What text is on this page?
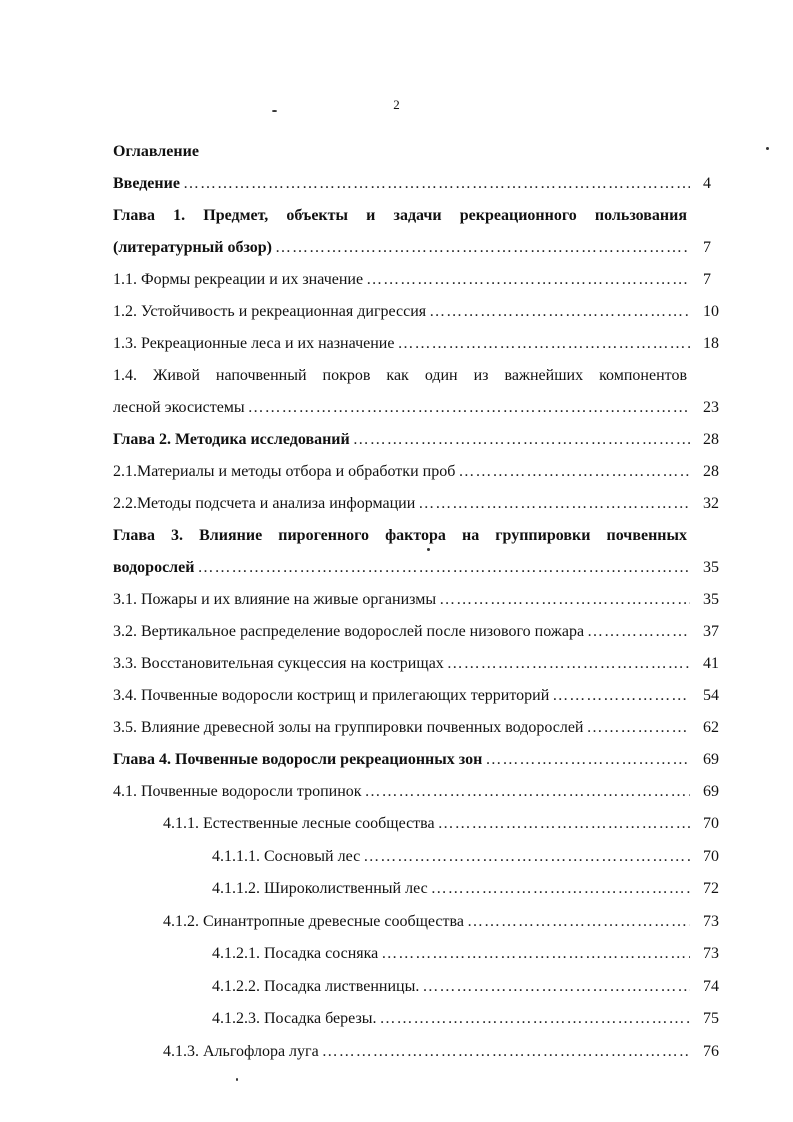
2
Оглавление
Введение ………………………………………………………………………………………………………………………………	4
Глава 1. Предмет, объекты и задачи рекреационного пользования
(литературный обзор) ………………………………………………………………………………………………………………………………	7
1.1. Формы рекреации и их значение ………………………………………………………………………………………………………………………………	7
1.2. Устойчивость и рекреационная дигрессия ………………………………………………………………………………………………………………………………	10
1.3. Рекреационные леса и их назначение ………………………………………………………………………………………………………………………………	18
1.4. Живой напочвенный покров как один из важнейших компонентов
лесной экосистемы ………………………………………………………………………………………………………………………………	23
Глава 2. Методика исследований ………………………………………………………………………………………………………………………………	28
2.1.Материалы и методы отбора и обработки проб ………………………………………………………………………………………………………………………………	28
2.2.Методы подсчета и анализа информации ………………………………………………………………………………………………………………………………	32
Глава 3. Влияние пирогенного фактора на группировки почвенных
водорослей ………………………………………………………………………………………………………………………………	35
3.1. Пожары и их влияние на живые организмы ………………………………………………………………………………………………………………………………	35
3.2. Вертикальное распределение водорослей после низового пожара ………………………………………………………………………………………………………………………………	37
3.3. Восстановительная сукцессия на кострищах ………………………………………………………………………………………………………………………………	41
3.4. Почвенные водоросли кострищ и прилегающих территорий ………………………………………………………………………………………………………………………………	54
3.5. Влияние древесной золы на группировки почвенных водорослей ………………………………………………………………………………………………………………………………	62
Глава 4. Почвенные водоросли рекреационных зон ………………………………………………………………………………………………………………………………	69
4.1. Почвенные водоросли тропинок ………………………………………………………………………………………………………………………………	69
4.1.1. Естественные лесные сообщества ………………………………………………………………………………………………………………………………	70
4.1.1.1. Сосновый лес ………………………………………………………………………………………………………………………………	70
4.1.1.2. Широколиственный лес ………………………………………………………………………………………………………………………………	72
4.1.2. Синантропные древесные сообщества ………………………………………………………………………………………………………………………………	73
4.1.2.1. Посадка сосняка ………………………………………………………………………………………………………………………………	73
4.1.2.2. Посадка лиственницы. ………………………………………………………………………………………………………………………………	74
4.1.2.3. Посадка березы. ………………………………………………………………………………………………………………………………	75
4.1.3. Альгофлора луга ………………………………………………………………………………………………………………………………	76
